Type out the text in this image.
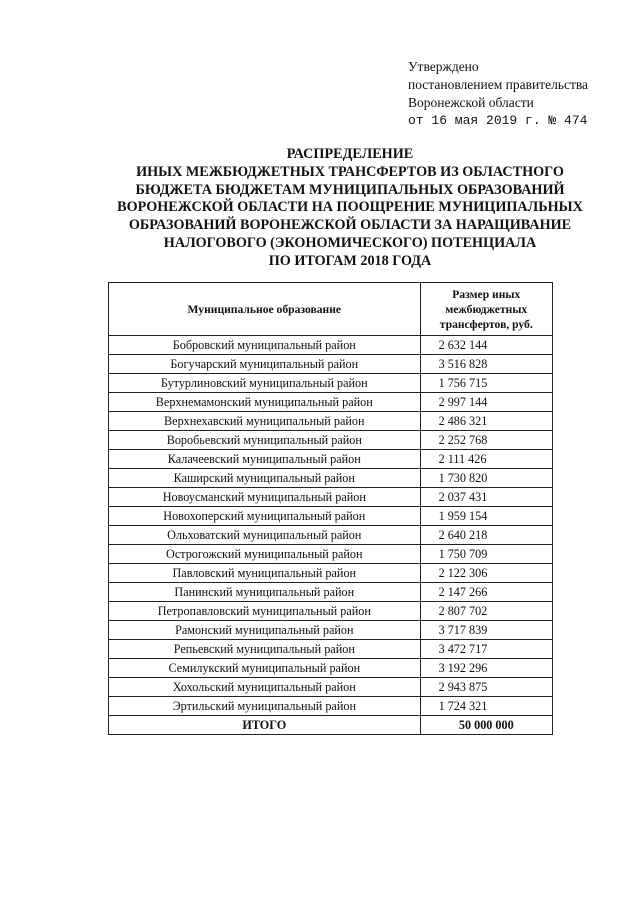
Утверждено
постановлением правительства
Воронежской области
от 16 мая 2019 г. № 474
РАСПРЕДЕЛЕНИЕ
ИНЫХ МЕЖБЮДЖЕТНЫХ ТРАНСФЕРТОВ ИЗ ОБЛАСТНОГО
БЮДЖЕТА БЮДЖЕТАМ МУНИЦИПАЛЬНЫХ ОБРАЗОВАНИЙ
ВОРОНЕЖСКОЙ ОБЛАСТИ НА ПООЩРЕНИЕ МУНИЦИПАЛЬНЫХ
ОБРАЗОВАНИЙ ВОРОНЕЖСКОЙ ОБЛАСТИ ЗА НАРАЩИВАНИЕ
НАЛОГОВОГО (ЭКОНОМИЧЕСКОГО) ПОТЕНЦИАЛА
ПО ИТОГАМ 2018 ГОДА
Муниципальное образование	Размер иных
межбюджетных
трансфертов, руб.

Бобровский муниципальный район	2 632 144
Богучарский муниципальный район	3 516 828
Бутурлиновский муниципальный район	1 756 715
Верхнемамонский муниципальный район	2 997 144
Верхнехавский муниципальный район	2 486 321
Воробьевский муниципальный район	2 252 768
Калачеевский муниципальный район	2 111 426
Каширский муниципальный район	1 730 820
Новоусманский муниципальный район	2 037 431
Новохоперский муниципальный район	1 959 154
Ольховатский муниципальный район	2 640 218
Острогожский муниципальный район	1 750 709
Павловский муниципальный район	2 122 306
Панинский муниципальный район	2 147 266
Петропавловский муниципальный район	2 807 702
Рамонский муниципальный район	3 717 839
Репьевский муниципальный район	3 472 717
Семилукский муниципальный район	3 192 296
Хохольский муниципальный район	2 943 875
Эртильский муниципальный район	1 724 321
ИТОГО	50 000 000
